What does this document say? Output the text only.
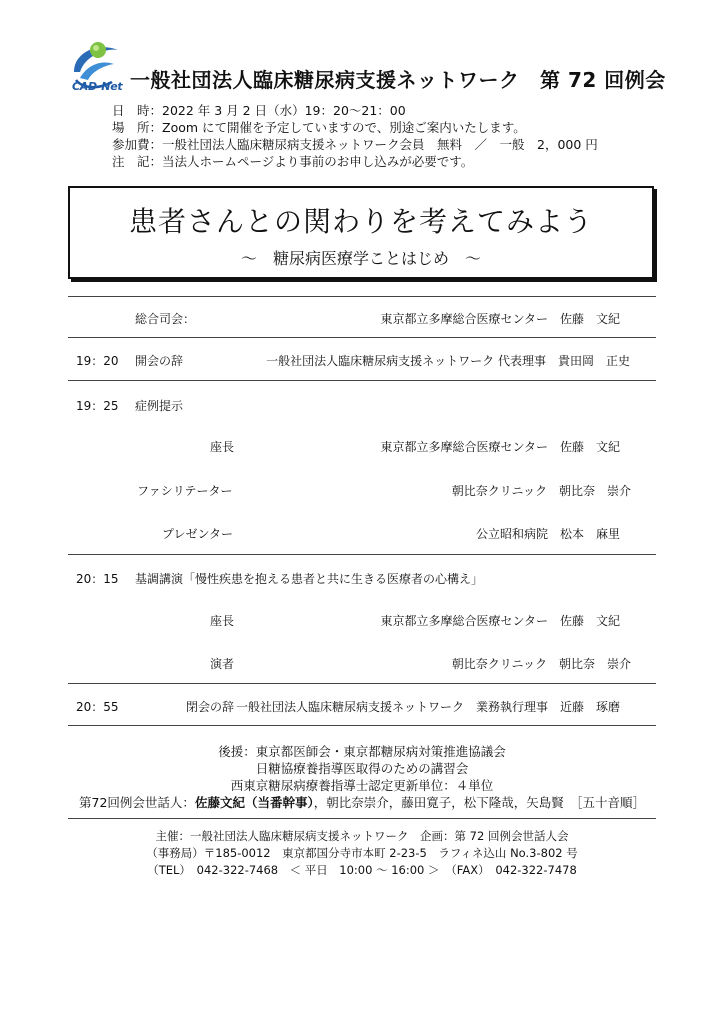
CAD-Net 一般社団法人臨床糖尿病支援ネットワーク　第 72 回例会
日　時：2022 年 3 月 2 日（水）19：20～21：00
場　所：Zoom にて開催を予定していますので、別途ご案内いたします。
参加費：一般社団法人臨床糖尿病支援ネットワーク会員　無料　／　一般　2，000 円
注　記：当法人ホームページより事前のお申し込みが必要です。
患者さんとの関わりを考えてみよう
～　糖尿病医療学ことはじめ　～
総合司会：	東京都立多摩総合医療センター　佐藤　文紀
19：20 開会の辞	一般社団法人臨床糖尿病支援ネットワーク 代表理事　貴田岡　正史
19：25 症例提示
座長	東京都立多摩総合医療センター　佐藤　文紀
ファシリテーター	朝比奈クリニック　朝比奈　崇介
プレゼンター	公立昭和病院　松本　麻里
20：15 基調講演「慢性疾患を抱える患者と共に生きる医療者の心構え」
座長	東京都立多摩総合医療センター　佐藤　文紀
演者	朝比奈クリニック　朝比奈　崇介
20：55	閉会の辞 一般社団法人臨床糖尿病支援ネットワーク　業務執行理事　近藤　琢磨
後援：東京都医師会・東京都糖尿病対策推進協議会
日糖協療養指導医取得のための講習会
西東京糖尿病療養指導士認定更新単位：４単位
第72回例会世話人：佐藤文紀（当番幹事），朝比奈崇介，藤田寛子，松下隆哉，矢島賢　［五十音順］
主催：一般社団法人臨床糖尿病支援ネットワーク　企画：第 72 回例会世話人会
（事務局）〒185-0012　東京都国分寺市本町 2-23-5　ラフィネ込山 No.3-802 号
（TEL）　042-322-7468　＜ 平日　10:00 ～ 16:00 ＞　（FAX）　042-322-7478
